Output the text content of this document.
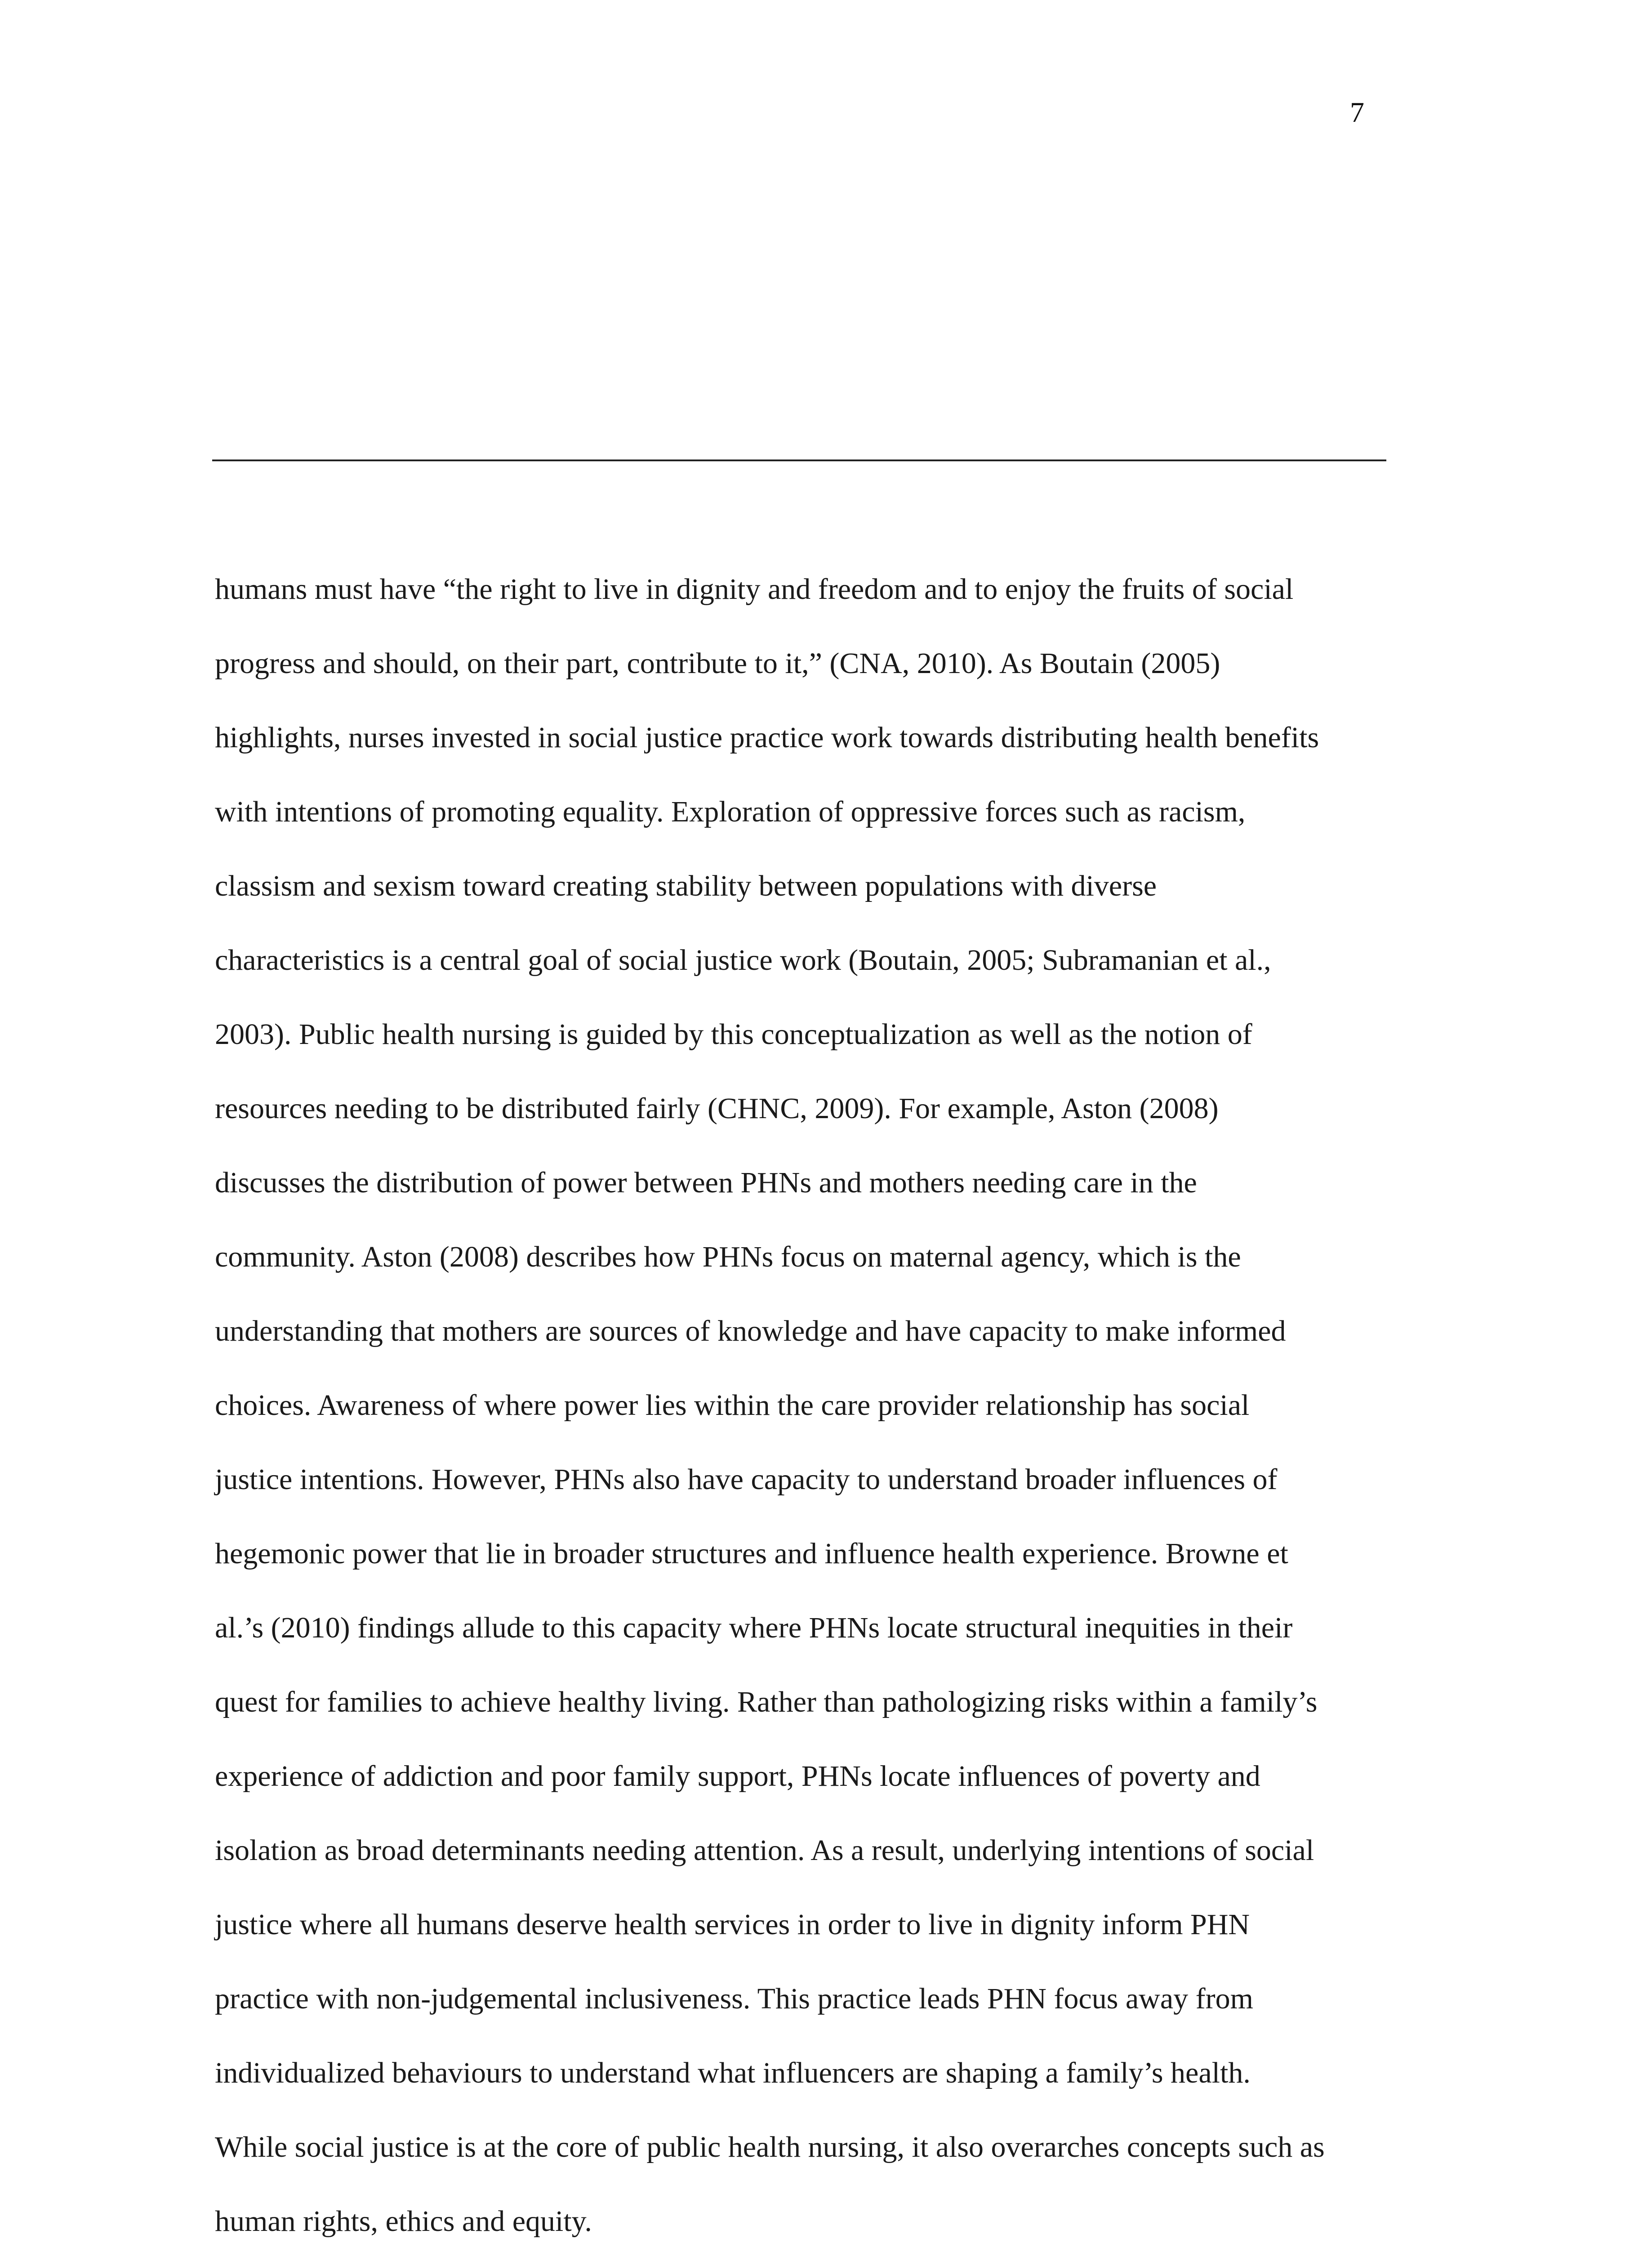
7
humans must have “the right to live in dignity and freedom and to enjoy the fruits of social
progress and should, on their part, contribute to it,” (CNA, 2010). As Boutain (2005)
highlights, nurses invested in social justice practice work towards distributing health benefits
with intentions of promoting equality. Exploration of oppressive forces such as racism,
classism and sexism toward creating stability between populations with diverse
characteristics is a central goal of social justice work (Boutain, 2005; Subramanian et al.,
2003). Public health nursing is guided by this conceptualization as well as the notion of
resources needing to be distributed fairly (CHNC, 2009). For example, Aston (2008)
discusses the distribution of power between PHNs and mothers needing care in the
community. Aston (2008) describes how PHNs focus on maternal agency, which is the
understanding that mothers are sources of knowledge and have capacity to make informed
choices. Awareness of where power lies within the care provider relationship has social
justice intentions. However, PHNs also have capacity to understand broader influences of
hegemonic power that lie in broader structures and influence health experience. Browne et
al.’s (2010) findings allude to this capacity where PHNs locate structural inequities in their
quest for families to achieve healthy living. Rather than pathologizing risks within a family’s
experience of addiction and poor family support, PHNs locate influences of poverty and
isolation as broad determinants needing attention. As a result, underlying intentions of social
justice where all humans deserve health services in order to live in dignity inform PHN
practice with non-judgemental inclusiveness. This practice leads PHN focus away from
individualized behaviours to understand what influencers are shaping a family’s health.
While social justice is at the core of public health nursing, it also overarches concepts such as
human rights, ethics and equity.
